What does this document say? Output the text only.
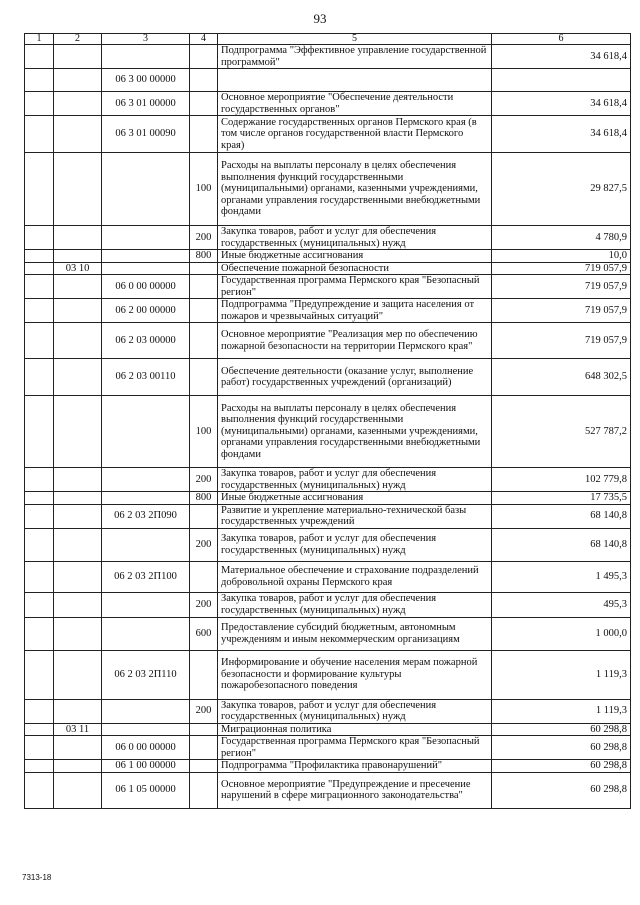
93
1	2	3	4	5	6
				Подпрограмма "Эффективное управление государственной программой"	34 618,4
		06 3 00 00000			
		06 3 01 00000		Основное мероприятие "Обеспечение деятельности государственных органов"	34 618,4
		06 3 01 00090		Содержание государственных органов Пермского края (в том числе органов государственной власти Пермского края)	34 618,4
			100	Расходы на выплаты персоналу в целях обеспечения выполнения функций государственными (муниципальными) органами, казенными учреждениями, органами управления государственными внебюджетными фондами	29 827,5
			200	Закупка товаров, работ и услуг для обеспечения государственных (муниципальных) нужд	4 780,9
			800	Иные бюджетные ассигнования	10,0
	03 10			Обеспечение пожарной безопасности	719 057,9
		06 0 00 00000		Государственная программа Пермского края "Безопасный регион"	719 057,9
		06 2 00 00000		Подпрограмма "Предупреждение и защита населения от пожаров и чрезвычайных ситуаций"	719 057,9
		06 2 03 00000		Основное мероприятие "Реализация мер по обеспечению пожарной безопасности на территории Пермского края"	719 057,9
		06 2 03 00110		Обеспечение деятельности (оказание услуг, выполнение работ) государственных учреждений (организаций)	648 302,5
			100	Расходы на выплаты персоналу в целях обеспечения выполнения функций государственными (муниципальными) органами, казенными учреждениями, органами управления государственными внебюджетными фондами	527 787,2
			200	Закупка товаров, работ и услуг для обеспечения государственных (муниципальных) нужд	102 779,8
			800	Иные бюджетные ассигнования	17 735,5
		06 2 03 2П090		Развитие и укрепление материально-технической базы государственных учреждений	68 140,8
			200	Закупка товаров, работ и услуг для обеспечения государственных (муниципальных) нужд	68 140,8
		06 2 03 2П100		Материальное обеспечение и страхование подразделений добровольной охраны Пермского края	1 495,3
			200	Закупка товаров, работ и услуг для обеспечения государственных (муниципальных) нужд	495,3
			600	Предоставление субсидий бюджетным, автономным учреждениям и иным некоммерческим организациям	1 000,0
		06 2 03 2П110		Информирование и обучение населения мерам пожарной безопасности и формирование культуры пожаробезопасного поведения	1 119,3
			200	Закупка товаров, работ и услуг для обеспечения государственных (муниципальных) нужд	1 119,3
	03 11			Миграционная политика	60 298,8
		06 0 00 00000		Государственная программа Пермского края "Безопасный регион"	60 298,8
		06 1 00 00000		Подпрограмма "Профилактика правонарушений"	60 298,8
		06 1 05 00000		Основное мероприятие "Предупреждение и пресечение нарушений в сфере миграционного законодательства"	60 298,8
7313-18
